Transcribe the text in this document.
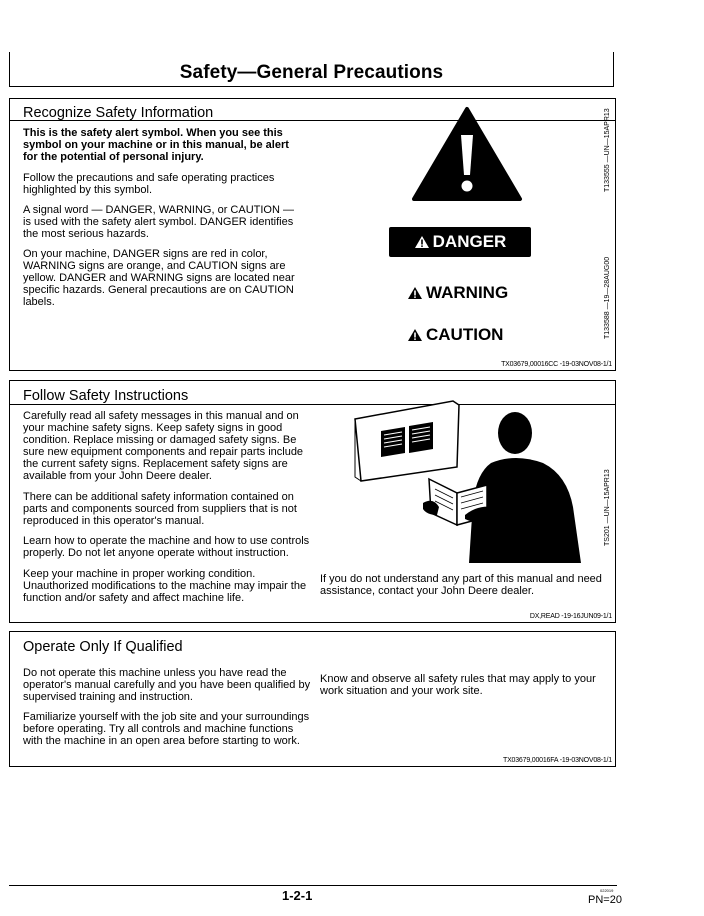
Safety—General Precautions
Recognize Safety Information

This is the safety alert symbol. When you see this symbol on your machine or in this manual, be alert for the potential of personal injury.

Follow the precautions and safe operating practices highlighted by this symbol.

A signal word — DANGER, WARNING, or CAUTION — is used with the safety alert symbol. DANGER identifies the most serious hazards.

On your machine, DANGER signs are red in color, WARNING signs are orange, and CAUTION signs are yellow. DANGER and WARNING signs are located near specific hazards. General precautions are on CAUTION labels.

DANGER
WARNING
CAUTION
T133555 —UN—15APR13
T133588 —19—28AUG00
TX03679,00016CC -19-03NOV08-1/1
Follow Safety Instructions

Carefully read all safety messages in this manual and on your machine safety signs. Keep safety signs in good condition. Replace missing or damaged safety signs. Be sure new equipment components and repair parts include the current safety signs. Replacement safety signs are available from your John Deere dealer.

There can be additional safety information contained on parts and components sourced from suppliers that is not reproduced in this operator's manual.

Learn how to operate the machine and how to use controls properly. Do not let anyone operate without instruction.

Keep your machine in proper working condition. Unauthorized modifications to the machine may impair the function and/or safety and affect machine life.

If you do not understand any part of this manual and need assistance, contact your John Deere dealer.

TS201 —UN—15APR13
DX,READ -19-16JUN09-1/1
Operate Only If Qualified

Do not operate this machine unless you have read the operator's manual carefully and you have been qualified by supervised training and instruction.

Familiarize yourself with the job site and your surroundings before operating. Try all controls and machine functions with the machine in an open area before starting to work.

Know and observe all safety rules that may apply to your work situation and your work site.

TX03679,00016FA -19-03NOV08-1/1
1-2-1	022019
PN=20
